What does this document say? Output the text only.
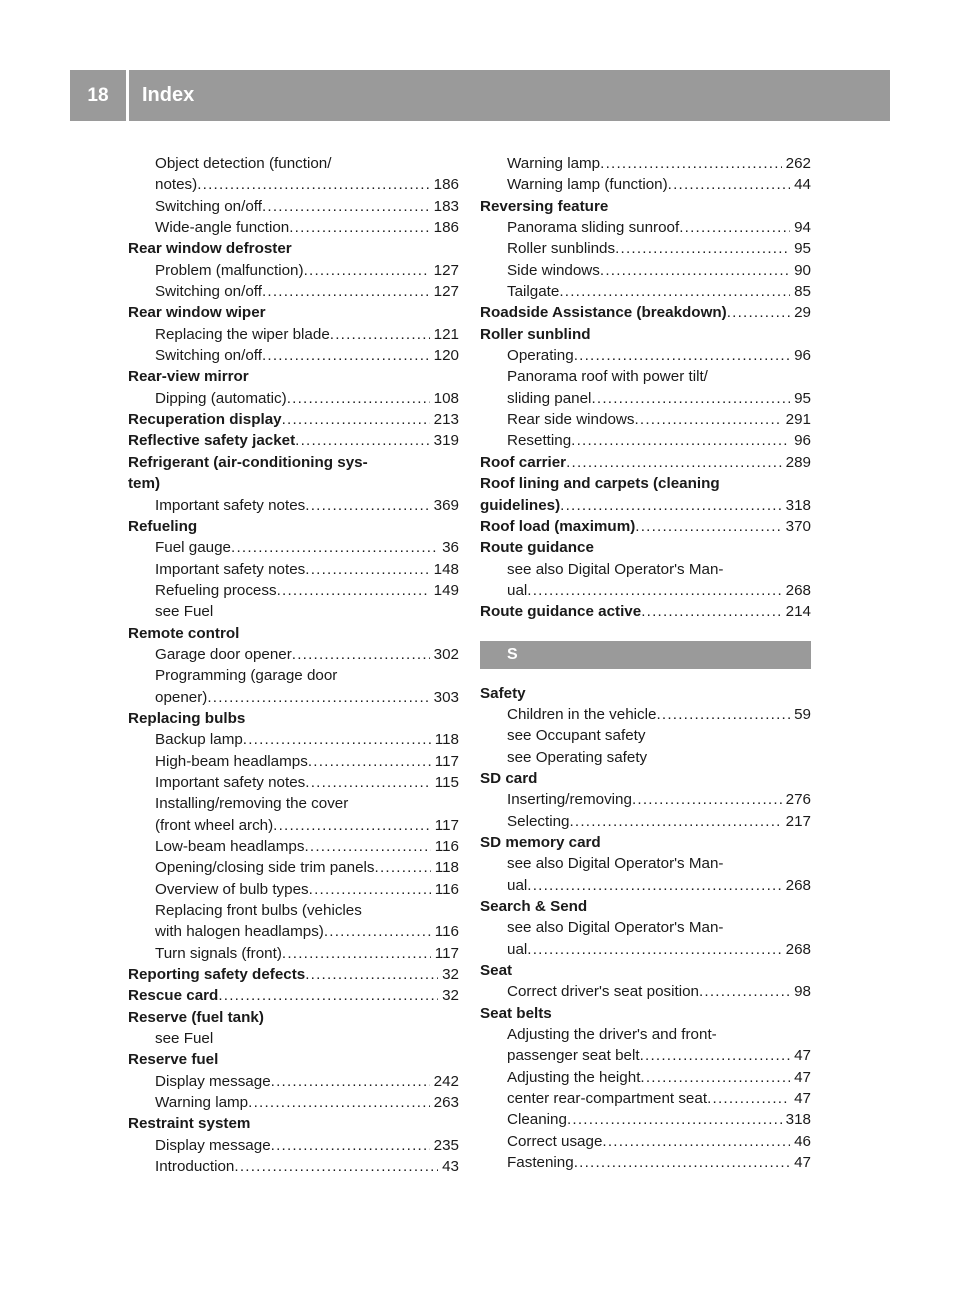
18	Index
Object detection (function/
notes) . . .	186
Switching on/off . . .	183
Wide-angle function . . .	186
Rear window defroster
Problem (malfunction) . . .	127
Switching on/off . . .	127
Rear window wiper
Replacing the wiper blade . . .	121
Switching on/off . . .	120
Rear-view mirror
Dipping (automatic) . . .	108
Recuperation display . . .	213
Reflective safety jacket . . .	319
Refrigerant (air-conditioning sys-
tem)
Important safety notes . . .	369
Refueling
Fuel gauge . . .	36
Important safety notes . . .	148
Refueling process . . .	149
see Fuel
Remote control
Garage door opener . . .	302
Programming (garage door
opener) . . .	303
Replacing bulbs
Backup lamp . . .	118
High-beam headlamps . . .	117
Important safety notes . . .	115
Installing/removing the cover
(front wheel arch) . . .	117
Low-beam headlamps . . .	116
Opening/closing side trim panels . . .	118
Overview of bulb types . . .	116
Replacing front bulbs (vehicles
with halogen headlamps) . . .	116
Turn signals (front) . . .	117
Reporting safety defects . . .	32
Rescue card . . .	32
Reserve (fuel tank)
see Fuel
Reserve fuel
Display message . . .	242
Warning lamp . . .	263
Restraint system
Display message . . .	235
Introduction . . .	43
Warning lamp . . .	262
Warning lamp (function) . . .	44
Reversing feature
Panorama sliding sunroof . . .	94
Roller sunblinds . . .	95
Side windows . . .	90
Tailgate . . .	85
Roadside Assistance (breakdown) . . .	29
Roller sunblind
Operating . . .	96
Panorama roof with power tilt/
sliding panel . . .	95
Rear side windows . . .	291
Resetting . . .	96
Roof carrier . . .	289
Roof lining and carpets (cleaning
guidelines) . . .	318
Roof load (maximum) . . .	370
Route guidance
see also Digital Operator's Man-
ual . . .	268
Route guidance active . . .	214
S
Safety
Children in the vehicle . . .	59
see Occupant safety
see Operating safety
SD card
Inserting/removing . . .	276
Selecting . . .	217
SD memory card
see also Digital Operator's Man-
ual . . .	268
Search & Send
see also Digital Operator's Man-
ual . . .	268
Seat
Correct driver's seat position . . .	98
Seat belts
Adjusting the driver's and front-
passenger seat belt . . .	47
Adjusting the height . . .	47
center rear-compartment seat . . .	47
Cleaning . . .	318
Correct usage . . .	46
Fastening . . .	47
